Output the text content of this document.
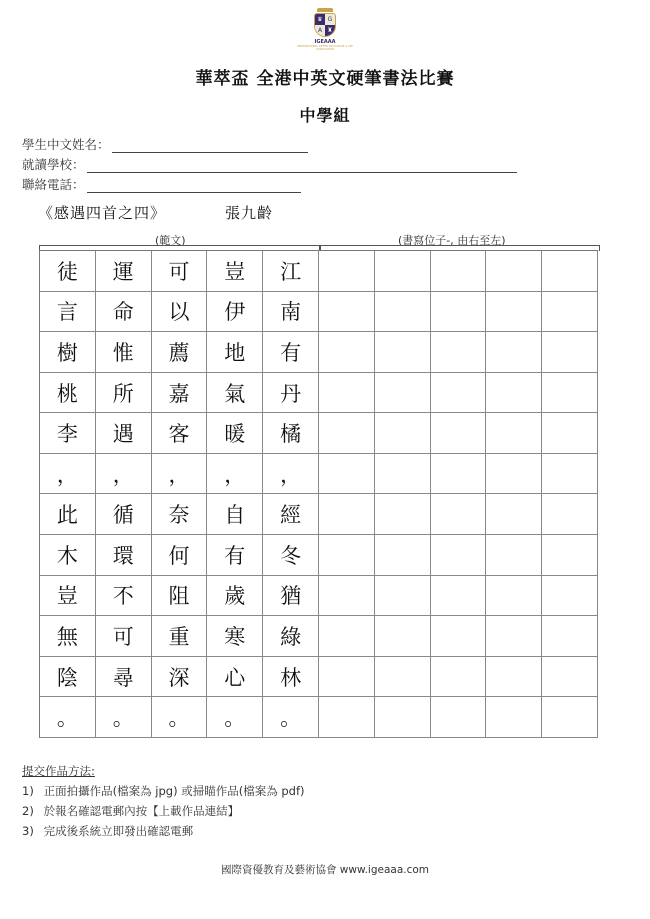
♛ G
A ♜
IGEAAA
INTERNATIONAL GIFTED EDUCATION & ART ASSOCIATION
華萃盃 全港中英文硬筆書法比賽
中學組
學生中文姓名：
就讀學校：
聯絡電話：
《感遇四首之四》	張九齡
(範文)	(書寫位子-, 由右至左)
徒	運	可	豈	江
言	命	以	伊	南
樹	惟	薦	地	有
桃	所	嘉	氣	丹
李	遇	客	暖	橘
，	，	，	，	，
此	循	奈	自	經
木	環	何	有	冬
豈	不	阻	歲	猶
無	可	重	寒	綠
陰	尋	深	心	林
。	。	。	。	。
提交作品方法:
1) 正面拍攝作品(檔案為 jpg) 或掃瞄作品(檔案為 pdf)
2) 於報名確認電郵內按【上載作品連結】
3) 完成後系統立即發出確認電郵
國際資優教育及藝術協會 www.igeaaa.com
